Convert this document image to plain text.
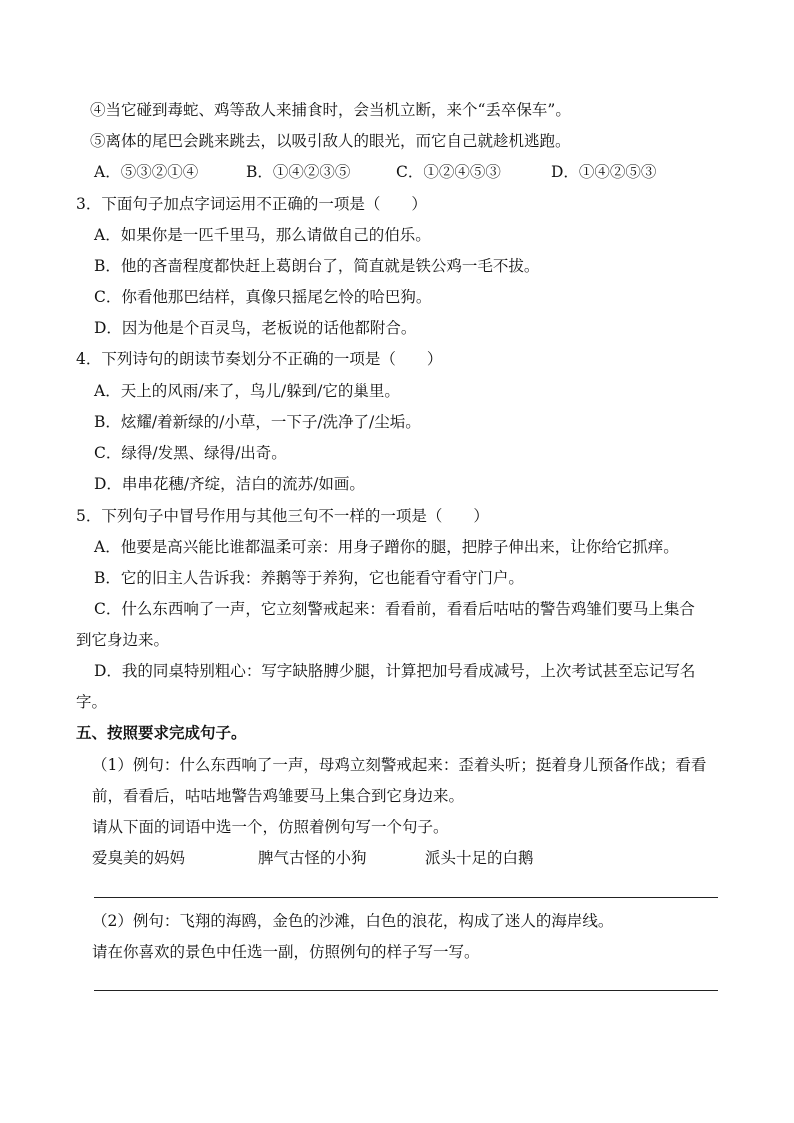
④当它碰到毒蛇、鸡等敌人来捕食时，会当机立断，来个“丢卒保车”。
⑤离体的尾巴会跳来跳去，以吸引敌人的眼光，而它自己就趁机逃跑。
A．⑤③②①④	B．①④②③⑤	C．①②④⑤③	D．①④②⑤③
3．下面句子加点字词运用不正确的一项是（　　）
A．如果你是一匹千里马，那么请做自己的伯乐。
B．他的吝啬程度都快赶上葛朗台了，简直就是铁公鸡一毛不拔。
C．你看他那巴结样，真像只摇尾乞怜的哈巴狗。
D．因为他是个百灵鸟，老板说的话他都附合。
4．下列诗句的朗读节奏划分不正确的一项是（　　）
A．天上的风雨/来了，鸟儿/躲到/它的巢里。
B．炫耀/着新绿的/小草，一下子/洗净了/尘垢。
C．绿得/发黑、绿得/出奇。
D．串串花穗/齐绽，洁白的流苏/如画。
5．下列句子中冒号作用与其他三句不一样的一项是（　　）
A．他要是高兴能比谁都温柔可亲：用身子蹭你的腿，把脖子伸出来，让你给它抓痒。
B．它的旧主人告诉我：养鹅等于养狗，它也能看守看守门户。
C．什么东西响了一声，它立刻警戒起来：看看前，看看后咕咕的警告鸡雏们要马上集合
到它身边来。
D．我的同桌特别粗心：写字缺胳膊少腿，计算把加号看成减号，上次考试甚至忘记写名
字。
五、按照要求完成句子。
（1）例句：什么东西响了一声，母鸡立刻警戒起来：歪着头听；挺着身儿预备作战；看看
前，看看后，咕咕地警告鸡雏要马上集合到它身边来。
请从下面的词语中选一个，仿照着例句写一个句子。
爱臭美的妈妈	脾气古怪的小狗	派头十足的白鹅
（2）例句：飞翔的海鸥，金色的沙滩，白色的浪花，构成了迷人的海岸线。
请在你喜欢的景色中任选一副，仿照例句的样子写一写。
